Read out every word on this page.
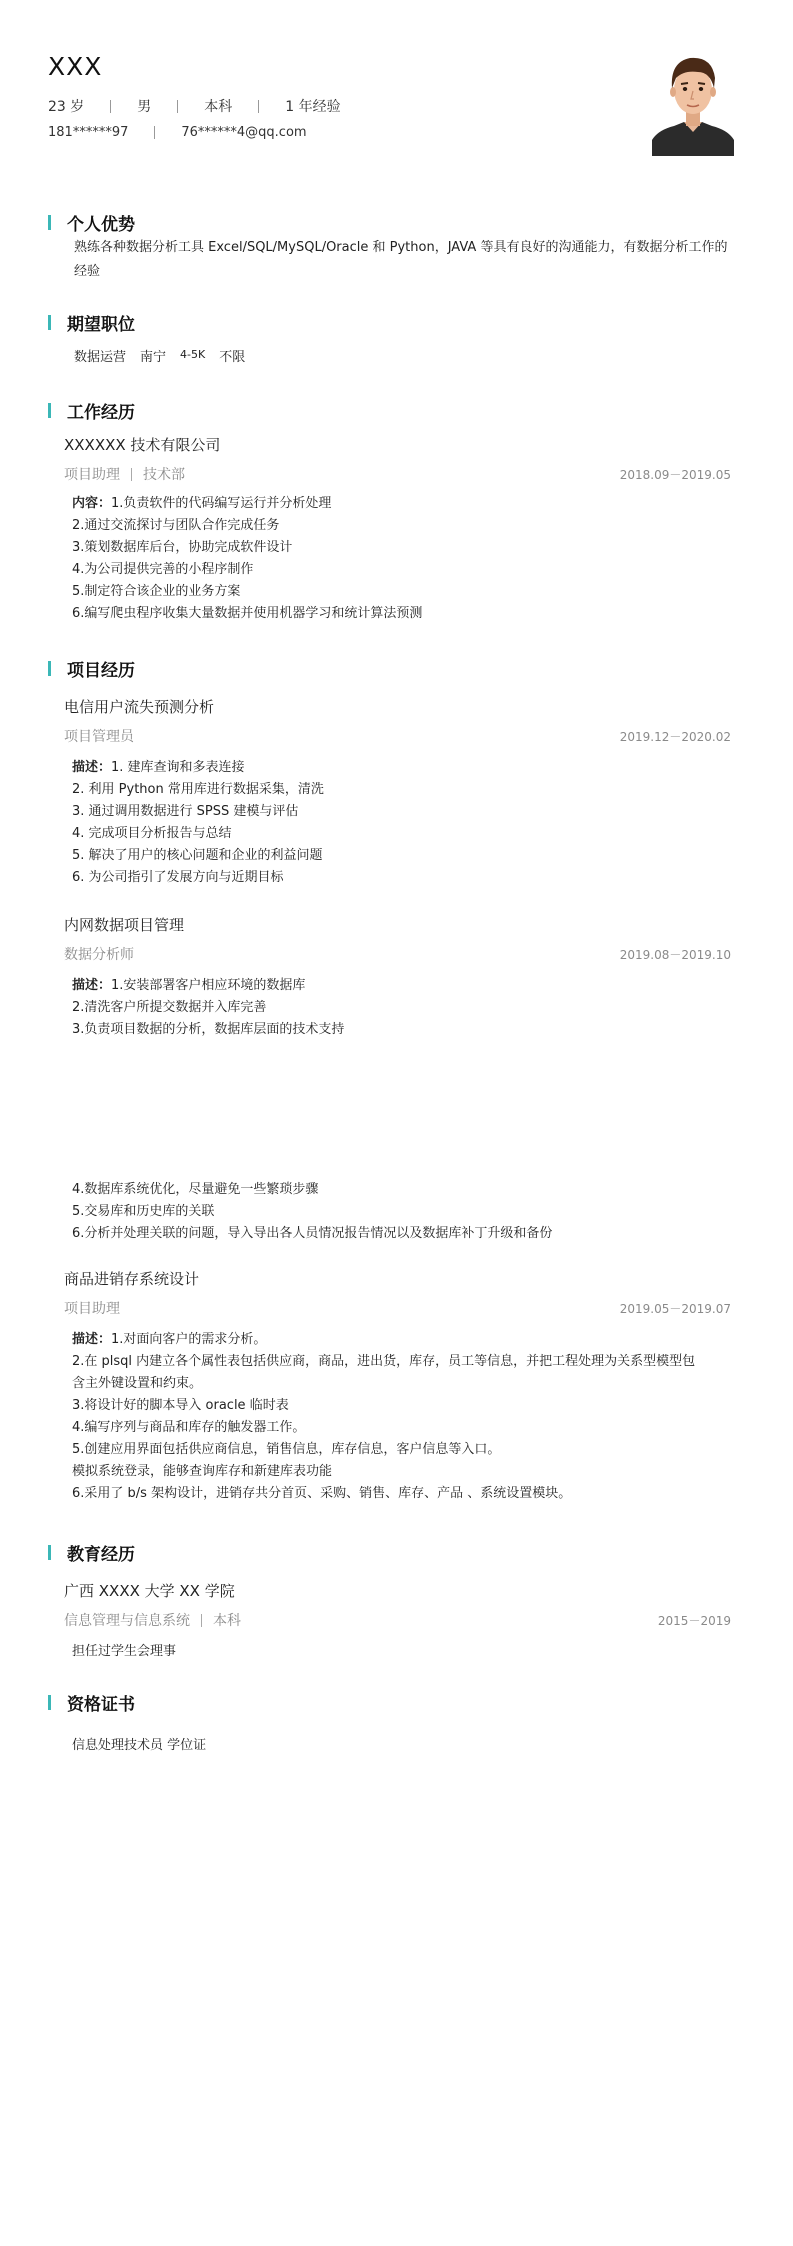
XXX
23 岁	男	本科	1 年经验
181******97	76******4@qq.com
个人优势
熟练各种数据分析工具 Excel/SQL/MySQL/Oracle 和 Python，JAVA 等具有良好的沟通能力，有数据分析工作的
经验
期望职位
数据运营 南宁 4-5K 不限
工作经历
XXXXXX 技术有限公司
项目助理 技术部	2018.09－2019.05
内容：1.负责软件的代码编写运行并分析处理
2.通过交流探讨与团队合作完成任务
3.策划数据库后台，协助完成软件设计
4.为公司提供完善的小程序制作
5.制定符合该企业的业务方案
6.编写爬虫程序收集大量数据并使用机器学习和统计算法预测
项目经历
电信用户流失预测分析
项目管理员	2019.12－2020.02
描述：1. 建库查询和多表连接
2. 利用 Python 常用库进行数据采集，清洗
3. 通过调用数据进行 SPSS 建模与评估
4. 完成项目分析报告与总结
5. 解决了用户的核心问题和企业的利益问题
6. 为公司指引了发展方向与近期目标
内网数据项目管理
数据分析师	2019.08－2019.10
描述：1.安装部署客户相应环境的数据库
2.清洗客户所提交数据并入库完善
3.负责项目数据的分析，数据库层面的技术支持
4.数据库系统优化，尽量避免一些繁琐步骤
5.交易库和历史库的关联
6.分析并处理关联的问题，导入导出各人员情况报告情况以及数据库补丁升级和备份
商品进销存系统设计
项目助理	2019.05－2019.07
描述：1.对面向客户的需求分析。
2.在 plsql 内建立各个属性表包括供应商，商品，进出货，库存，员工等信息，并把工程处理为关系型模型包
含主外键设置和约束。
3.将设计好的脚本导入 oracle 临时表
4.编写序列与商品和库存的触发器工作。
5.创建应用界面包括供应商信息，销售信息，库存信息，客户信息等入口。
模拟系统登录，能够查询库存和新建库表功能
6.采用了 b/s 架构设计，进销存共分首页、采购、销售、库存、产品 、系统设置模块。
教育经历
广西 XXXX 大学 XX 学院
信息管理与信息系统 本科	2015－2019
担任过学生会理事
资格证书
信息处理技术员 学位证
